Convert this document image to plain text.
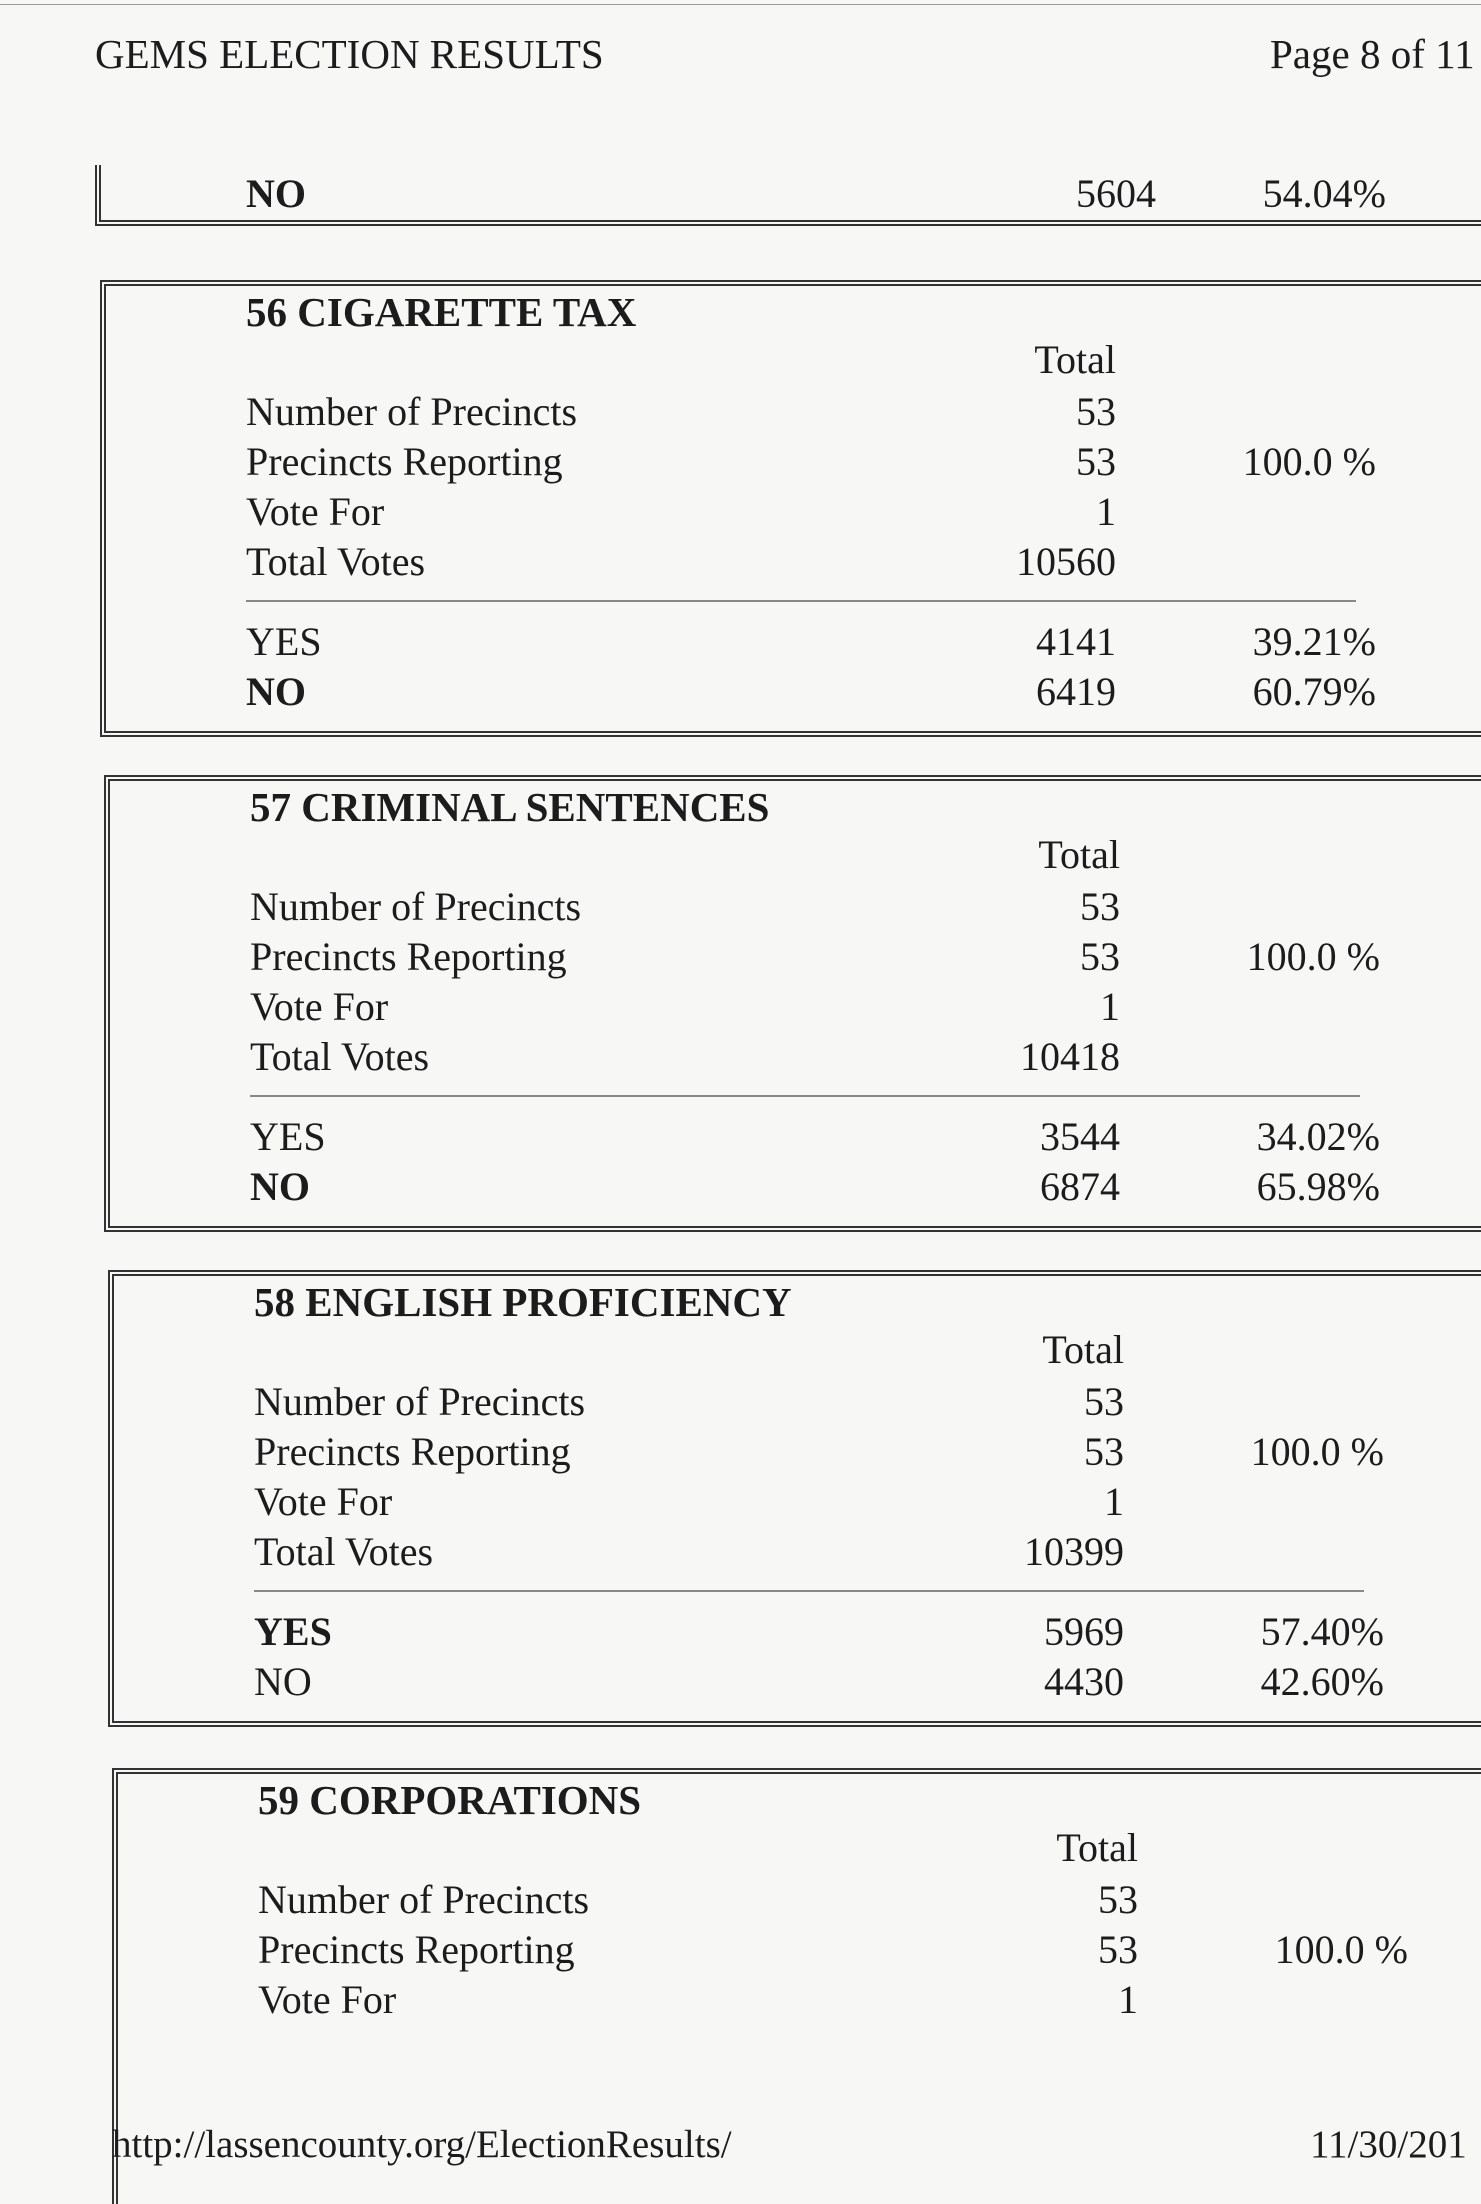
GEMS ELECTION RESULTS	Page 8 of 11
NO	5604	54.04%
56 CIGARETTE TAX
Total
Number of Precincts	53
Precincts Reporting	53	100.0 %
Vote For	1
Total Votes	10560
YES	4141	39.21%
NO	6419	60.79%
57 CRIMINAL SENTENCES
Total
Number of Precincts	53
Precincts Reporting	53	100.0 %
Vote For	1
Total Votes	10418
YES	3544	34.02%
NO	6874	65.98%
58 ENGLISH PROFICIENCY
Total
Number of Precincts	53
Precincts Reporting	53	100.0 %
Vote For	1
Total Votes	10399
YES	5969	57.40%
NO	4430	42.60%
59 CORPORATIONS
Total
Number of Precincts	53
Precincts Reporting	53	100.0 %
Vote For	1
http://lassencounty.org/ElectionResults/	11/30/201
